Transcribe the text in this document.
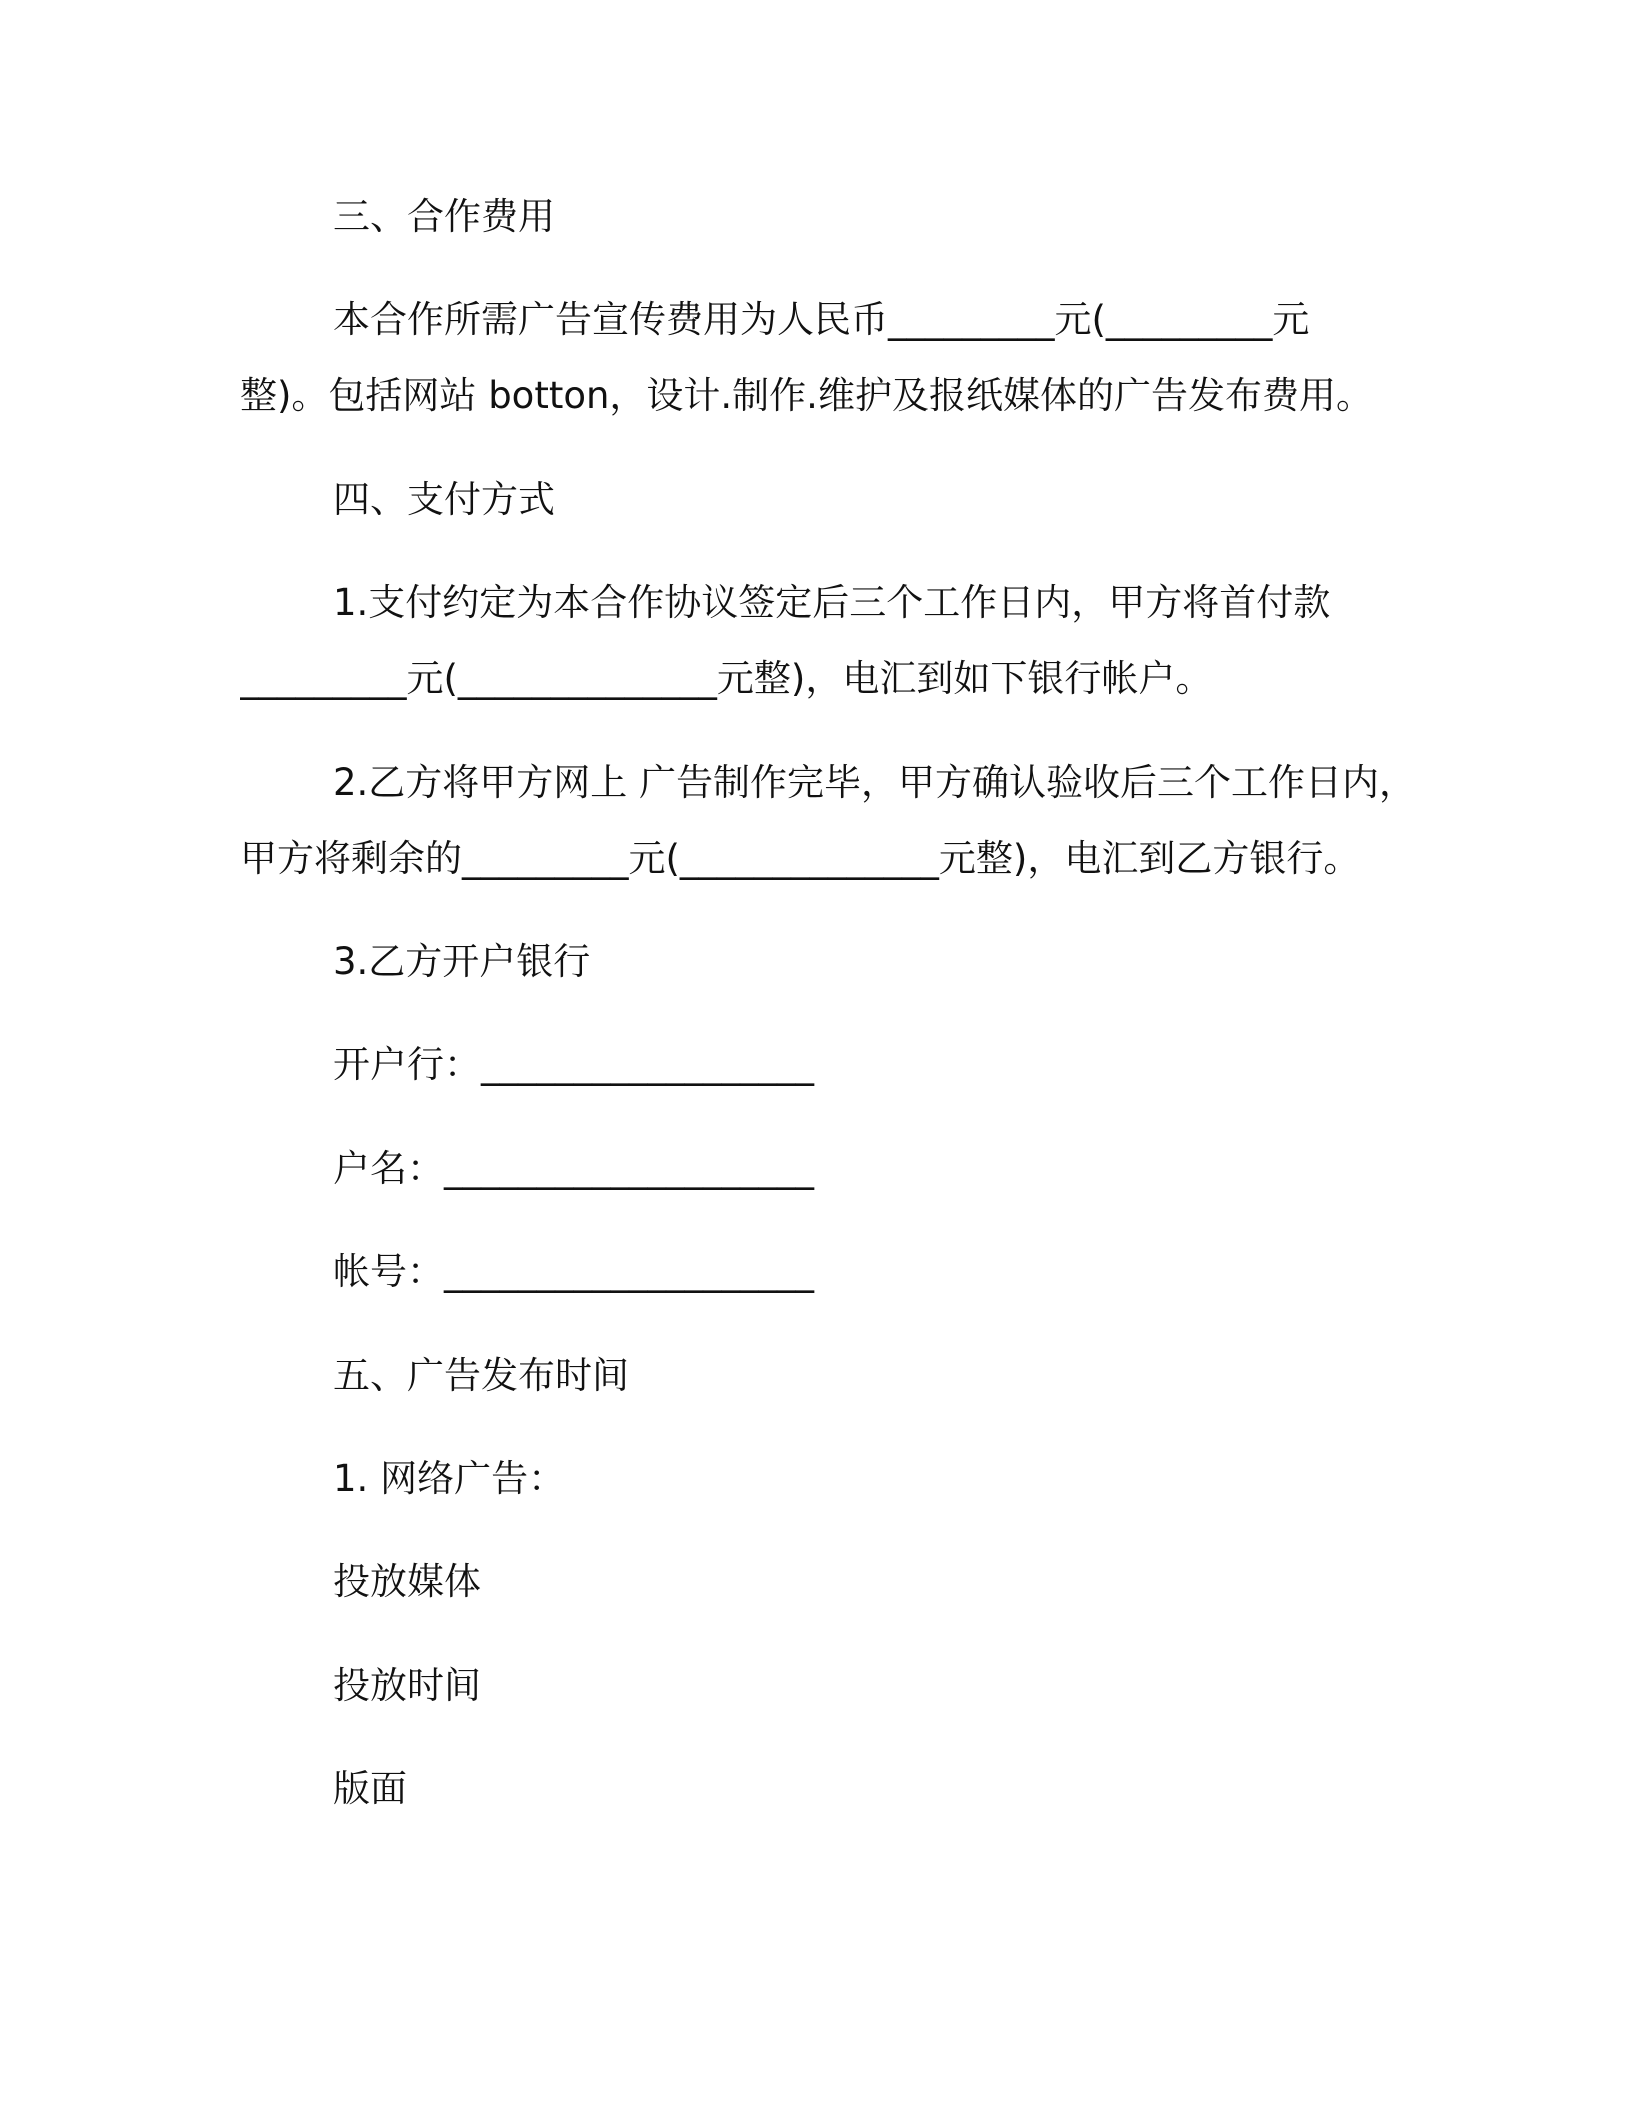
三、合作费用
本合作所需广告宣传费用为人民币_________元(_________元
整)。包括网站 botton，设计.制作.维护及报纸媒体的广告发布费用。
四、支付方式
1.支付约定为本合作协议签定后三个工作日内，甲方将首付款
_________元(______________元整)，电汇到如下银行帐户。
2.乙方将甲方网上 广告制作完毕，甲方确认验收后三个工作日内，
甲方将剩余的_________元(______________元整)，电汇到乙方银行。
3.乙方开户银行
开户行：__________________
户名：____________________
帐号：____________________
五、广告发布时间
1. 网络广告：
投放媒体
投放时间
版面
